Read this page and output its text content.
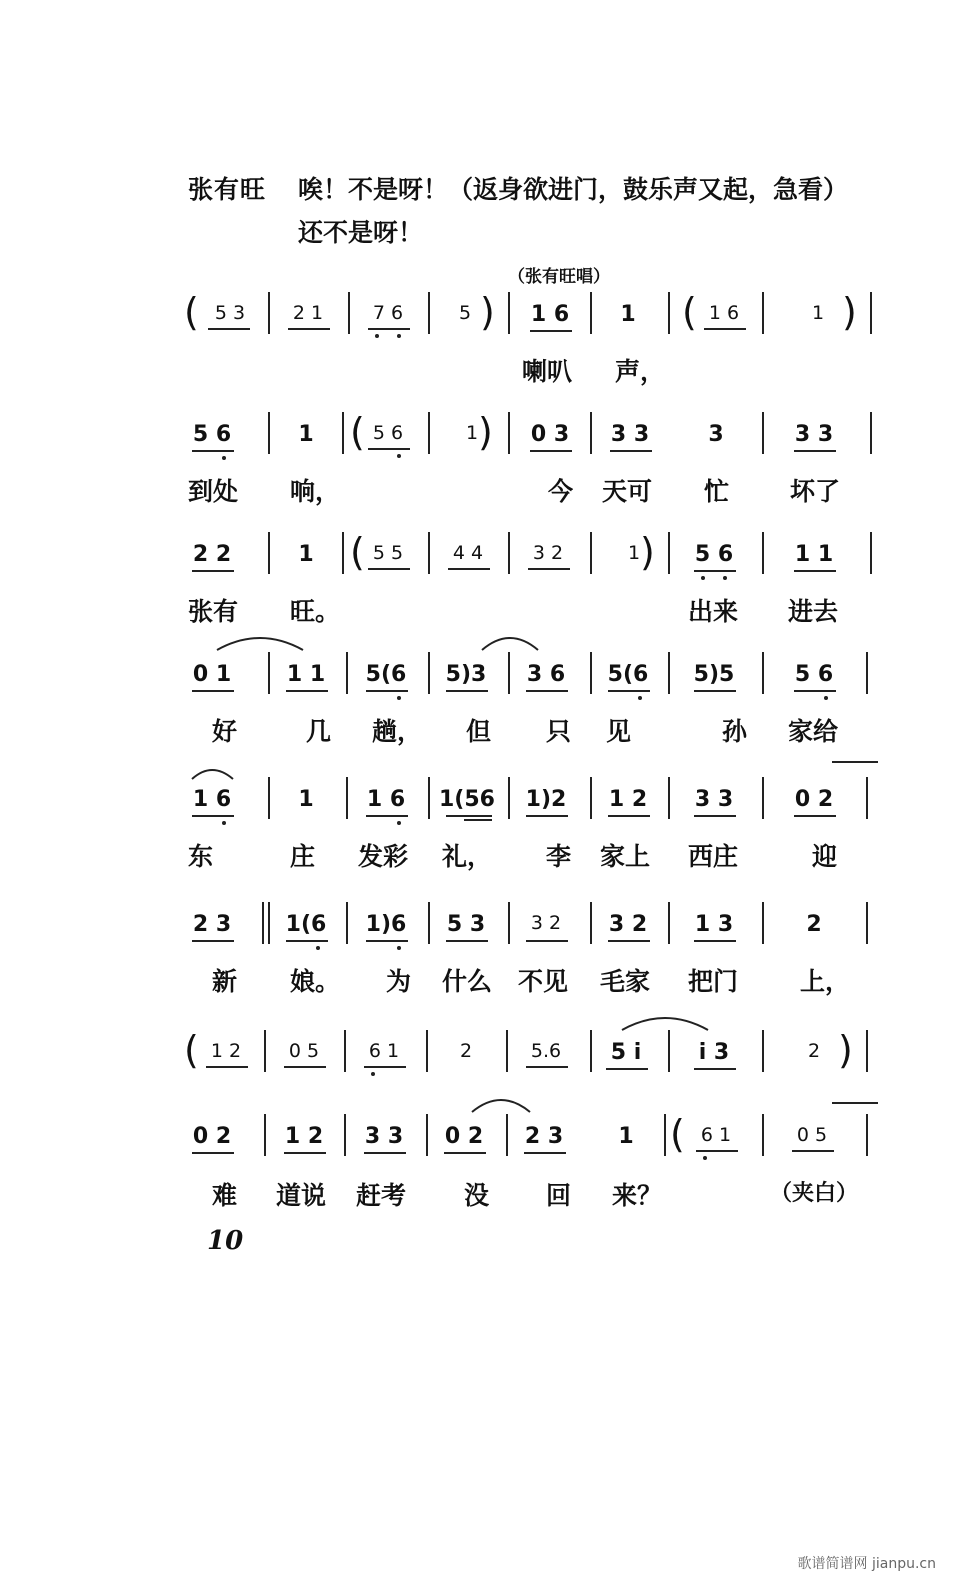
张有旺 唉！不是呀！（返身欲进门，鼓乐声又起，急看）
还不是呀！
（张有旺唱）
( 5 3	2 1	7 6	5 )	1 6	1	( 1 6	1 )
喇叭 声，
5 6	1 ( 5 6	1 )	0 3	3 3	3	3 3
到处 响，	今 天可 忙 坏了
2 2	1 ( 5 5	4 4	3 2	1 )	5 6	1 1
张有 旺。	出来 进去
0 1	1 1	5(6	5)3	3 6	5(6	5)5	5 6
好	几 趟， 但 只 见	孙 家给
1 6	1	1 6	1(56	1)2	1 2	3 3	0 2
东	庄 发彩 礼， 李 家上 西庄	迎
2 3	1(6	1)6	5 3	3 2	3 2	1 3	2
新 娘。 为 什么 不见 毛家 把门 上，
( 1 2	0 5	6 1	2	5.6	5 i	i 3	2 )
0 2	1 2	3 3	0 2	2 3	1 ( 6 1	0 5
难 道说 赶考 没 回 来？	（夹白）
10
歌谱简谱网 jianpu.cn
